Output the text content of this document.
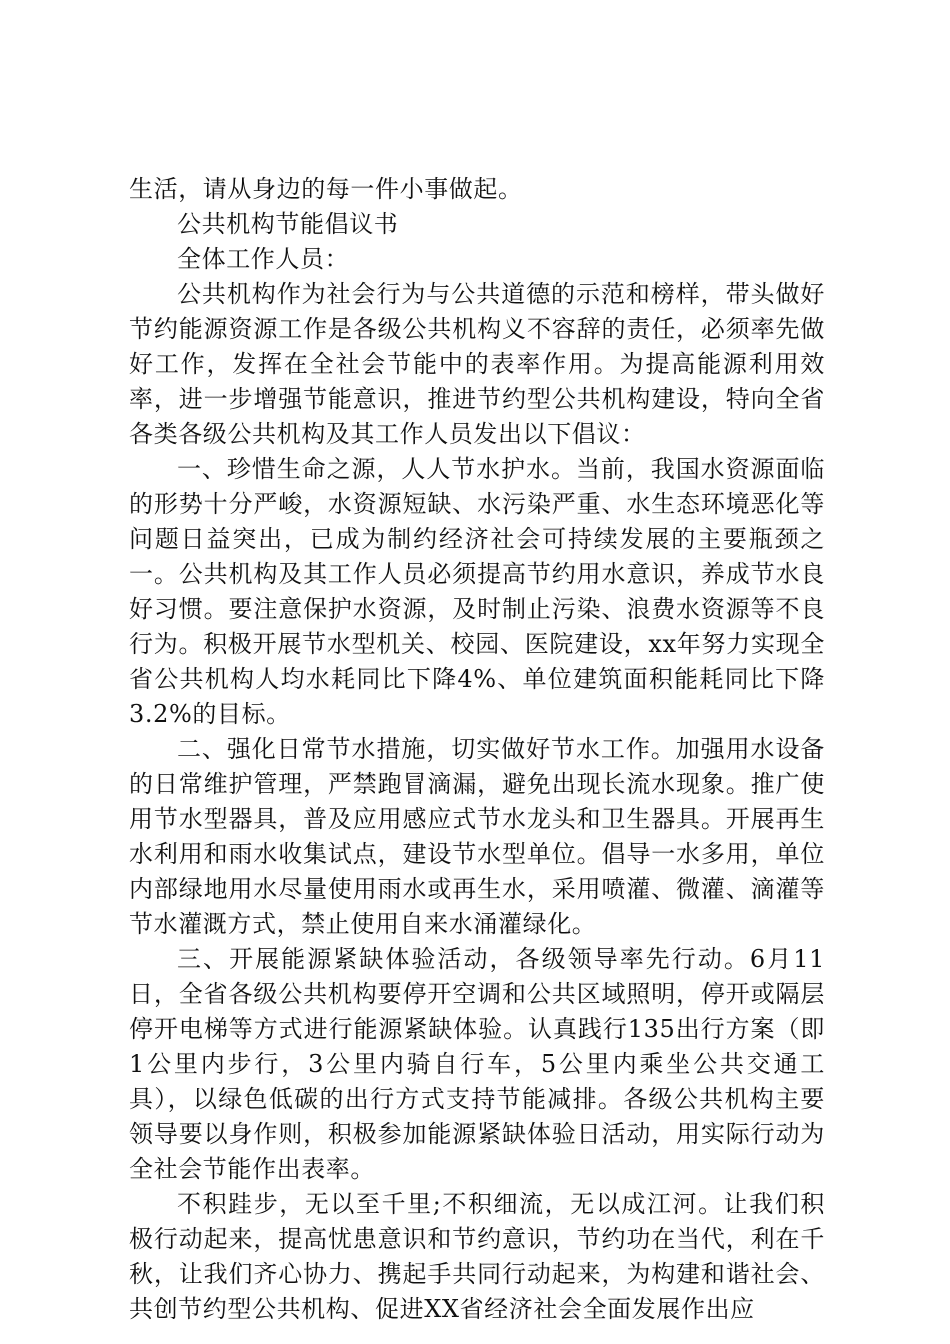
生活，请从身边的每一件小事做起。

公共机构节能倡议书

全体工作人员：

公共机构作为社会行为与公共道德的示范和榜样，带头做好节约能源资源工作是各级公共机构义不容辞的责任，必须率先做好工作，发挥在全社会节能中的表率作用。为提高能源利用效率，进一步增强节能意识，推进节约型公共机构建设，特向全省各类各级公共机构及其工作人员发出以下倡议：

一、珍惜生命之源，人人节水护水。当前，我国水资源面临的形势十分严峻，水资源短缺、水污染严重、水生态环境恶化等问题日益突出，已成为制约经济社会可持续发展的主要瓶颈之一。公共机构及其工作人员必须提高节约用水意识，养成节水良好习惯。要注意保护水资源，及时制止污染、浪费水资源等不良行为。积极开展节水型机关、校园、医院建设，xx年努力实现全省公共机构人均水耗同比下降4%、单位建筑面积能耗同比下降3.2%的目标。

二、强化日常节水措施，切实做好节水工作。加强用水设备的日常维护管理，严禁跑冒滴漏，避免出现长流水现象。推广使用节水型器具，普及应用感应式节水龙头和卫生器具。开展再生水利用和雨水收集试点，建设节水型单位。倡导一水多用，单位内部绿地用水尽量使用雨水或再生水，采用喷灌、微灌、滴灌等节水灌溉方式，禁止使用自来水涌灌绿化。

三、开展能源紧缺体验活动，各级领导率先行动。6月11日，全省各级公共机构要停开空调和公共区域照明，停开或隔层停开电梯等方式进行能源紧缺体验。认真践行135出行方案（即1公里内步行，3公里内骑自行车，5公里内乘坐公共交通工具），以绿色低碳的出行方式支持节能减排。各级公共机构主要领导要以身作则，积极参加能源紧缺体验日活动，用实际行动为全社会节能作出表率。

不积跬步，无以至千里;不积细流，无以成江河。让我们积极行动起来，提高忧患意识和节约意识，节约功在当代，利在千秋，让我们齐心协力、携起手共同行动起来，为构建和谐社会、共创节约型公共机构、促进XX省经济社会全面发展作出应
